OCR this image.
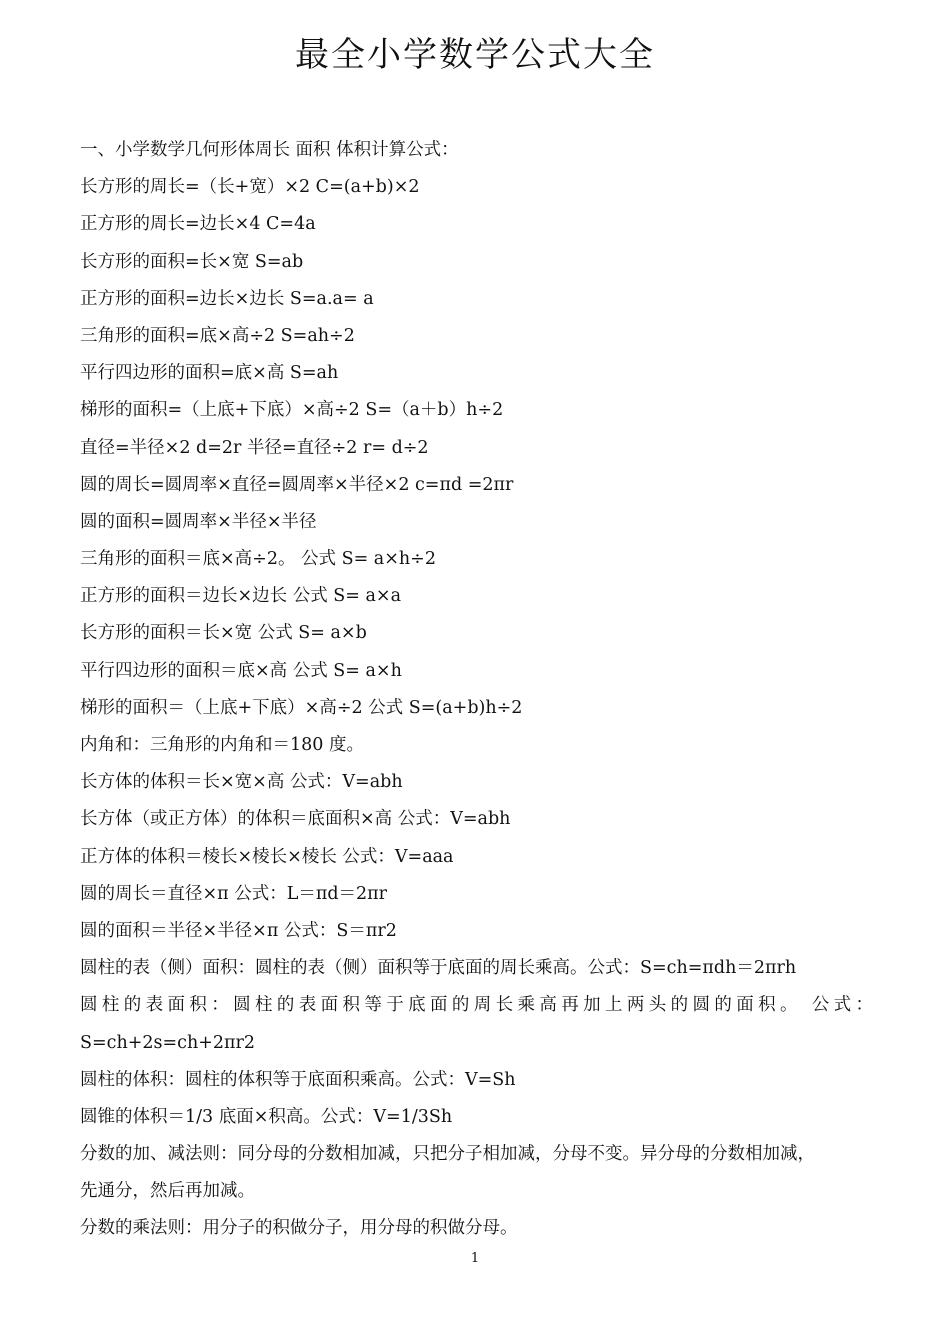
最全小学数学公式大全
一、小学数学几何形体周长 面积 体积计算公式：
长方形的周长=（长+宽）×2 C=(a+b)×2
正方形的周长=边长×4 C=4a
长方形的面积=长×宽 S=ab
正方形的面积=边长×边长 S=a.a= a
三角形的面积=底×高÷2 S=ah÷2
平行四边形的面积=底×高 S=ah
梯形的面积=（上底+下底）×高÷2 S=（a＋b）h÷2
直径=半径×2 d=2r 半径=直径÷2 r= d÷2
圆的周长=圆周率×直径=圆周率×半径×2 c=πd =2πr
圆的面积=圆周率×半径×半径
三角形的面积＝底×高÷2。 公式 S= a×h÷2
正方形的面积＝边长×边长 公式 S= a×a
长方形的面积＝长×宽 公式 S= a×b
平行四边形的面积＝底×高 公式 S= a×h
梯形的面积＝（上底+下底）×高÷2 公式 S=(a+b)h÷2
内角和：三角形的内角和＝180 度。
长方体的体积＝长×宽×高 公式：V=abh
长方体（或正方体）的体积＝底面积×高 公式：V=abh
正方体的体积＝棱长×棱长×棱长 公式：V=aaa
圆的周长＝直径×π 公式：L＝πd＝2πr
圆的面积＝半径×半径×π 公式：S＝πr2
圆柱的表（侧）面积：圆柱的表（侧）面积等于底面的周长乘高。公式：S=ch=πdh＝2πrh
圆柱的表面积：圆柱的表面积等于底面的周长乘高再加上两头的圆的面积。 公式：
S=ch+2s=ch+2πr2
圆柱的体积：圆柱的体积等于底面积乘高。公式：V=Sh
圆锥的体积＝1/3 底面×积高。公式：V=1/3Sh
分数的加、减法则：同分母的分数相加减，只把分子相加减，分母不变。异分母的分数相加减，
先通分，然后再加减。
分数的乘法则：用分子的积做分子，用分母的积做分母。
1
